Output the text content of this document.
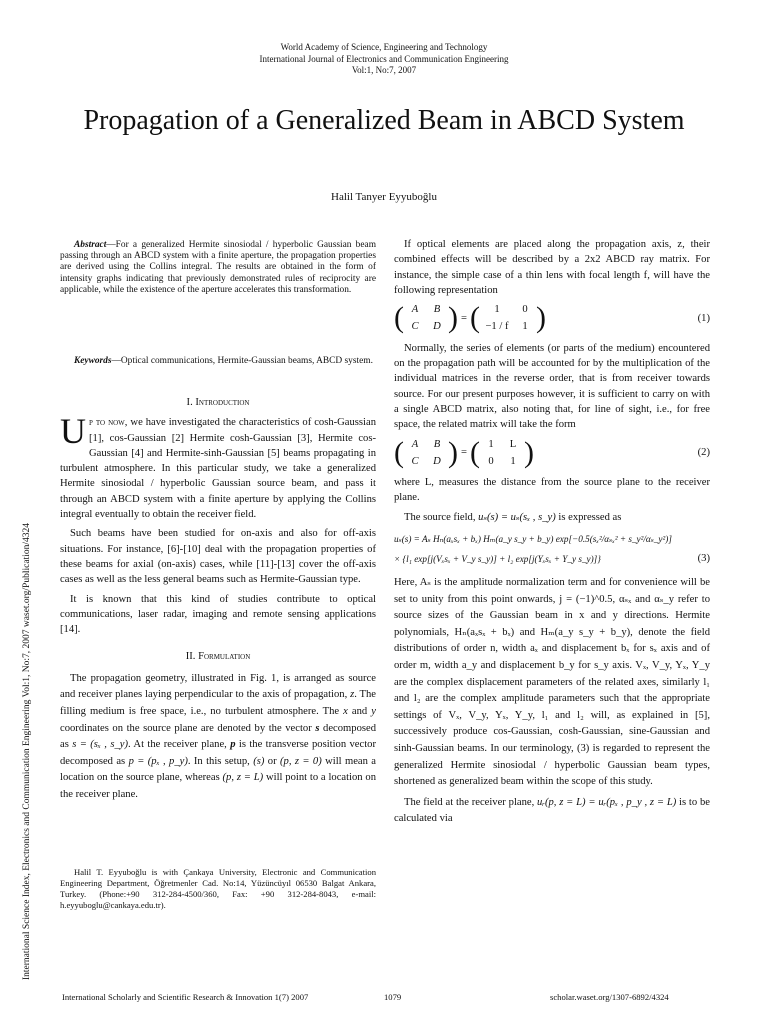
World Academy of Science, Engineering and Technology
International Journal of Electronics and Communication Engineering
Vol:1, No:7, 2007
Propagation of a Generalized Beam in ABCD System
Halil Tanyer Eyyuboğlu
International Science Index, Electronics and Communication Engineering Vol:1, No:7, 2007 waset.org/Publication/4324

Abstract—For a generalized Hermite sinosiodal / hyperbolic Gaussian beam passing through an ABCD system with a finite aperture, the propagation properties are derived using the Collins integral. The results are obtained in the form of intensity graphs indicating that previously demonstrated rules of reciprocity are applicable, while the existence of the aperture accelerates this transformation.

Keywords—Optical communications, Hermite-Gaussian beams, ABCD system.

I. Introduction

Up to now, we have investigated the characteristics of cosh-Gaussian [1], cos-Gaussian [2] Hermite cosh-Gaussian [3], Hermite cos-Gaussian [4] and Hermite-sinh-Gaussian [5] beams propagating in turbulent atmosphere. In this particular study, we take a generalized Hermite sinosiodal / hyperbolic Gaussian source beam, and pass it through an ABCD system with a finite aperture by applying the Collins integral eventually to obtain the receiver field.

Such beams have been studied for on-axis and also for off-axis situations. For instance, [6]-[10] deal with the propagation properties of these beams for axial (on-axis) cases, while [11]-[13] cover the off-axis cases as well as the less general beams such as Hermite-Gaussian type.

It is known that this kind of studies contribute to optical communications, laser radar, imaging and remote sensing applications [14].

II. Formulation

The propagation geometry, illustrated in Fig. 1, is arranged as source and receiver planes laying perpendicular to the axis of propagation, z. The filling medium is free space, i.e., no turbulent atmosphere. The x and y coordinates on the source plane are denoted by the vector s decomposed as s = (sₓ , s_y). At the receiver plane, p is the transverse position vector decomposed as p = (pₓ , p_y). In this setup, (s) or (p, z = 0) will mean a location on the source plane, whereas (p, z = L) will point to a location on the receiver plane.

Halil T. Eyyuboğlu is with Çankaya University, Electronic and Communication Engineering Department, Öğretmenler Cad. No:14, Yüzüncüyıl 06530 Balgat Ankara, Turkey. (Phone:+90 312-284-4500/360, Fax: +90 312-284-8043, e-mail: h.eyyuboglu@cankaya.edu.tr).

If optical elements are placed along the propagation axis, z, their combined effects will be described by a 2x2 ABCD ray matrix. For instance, the simple case of a thin lens with focal length f, will have the following representation

( A	B
C	D ) = (	1	0
−1 / f	1 )	(1)

Normally, the series of elements (or parts of the medium) encountered on the propagation path will be accounted for by the multiplication of the individual matrices in the reverse order, that is from receiver towards source. For our present purposes however, it is sufficient to carry on with a single ABCD matrix, also noting that, for line of sight, i.e., for free space, the related matrix will take the form

( A	B
C	D ) = ( 1	L
0	1 )	(2)

where L, measures the distance from the source plane to the receiver plane.

The source field, uₛ(s) = uₛ(sₓ , s_y) is expressed as

uₛ(s) = Aₛ Hₙ(aₓsₓ + bₓ) Hₘ(a_y s_y + b_y) exp[−0.5(sₓ²/αₛₓ² + s_y²/αₛ_y²)]
× {l₁ exp[j(Vₓsₓ + V_y s_y)] + l₂ exp[j(Yₓsₓ + Y_y s_y)]}	(3)

Here, Aₛ is the amplitude normalization term and for convenience will be set to unity from this point onwards, j = (−1)^0.5, αₛₓ and αₛ_y refer to source sizes of the Gaussian beam in x and y directions. Hermite polynomials, Hₙ(aₓsₓ + bₓ) and Hₘ(a_y s_y + b_y), denote the field distributions of order n, width aₓ and displacement bₓ for sₓ axis and of order m, width a_y and displacement b_y for s_y axis. Vₓ, V_y, Yₓ, Y_y are the complex displacement parameters of the related axes, similarly l₁ and l₂ are the complex amplitude parameters such that the appropriate settings of Vₓ, V_y, Yₓ, Y_y, l₁ and l₂ will, as explained in [5], successively produce cos-Gaussian, cosh-Gaussian, sine-Gaussian and sinh-Gaussian beams. In our terminology, (3) is regarded to represent the generalized Hermite sinosiodal / hyperbolic Gaussian beam types, shortened as generalized beam within the scope of this study.

The field at the receiver plane, uᵣ(p, z = L) = uᵣ(pₓ , p_y , z = L) is to be calculated via

International Scholarly and Scientific Research & Innovation 1(7) 2007	1079	scholar.waset.org/1307-6892/4324
